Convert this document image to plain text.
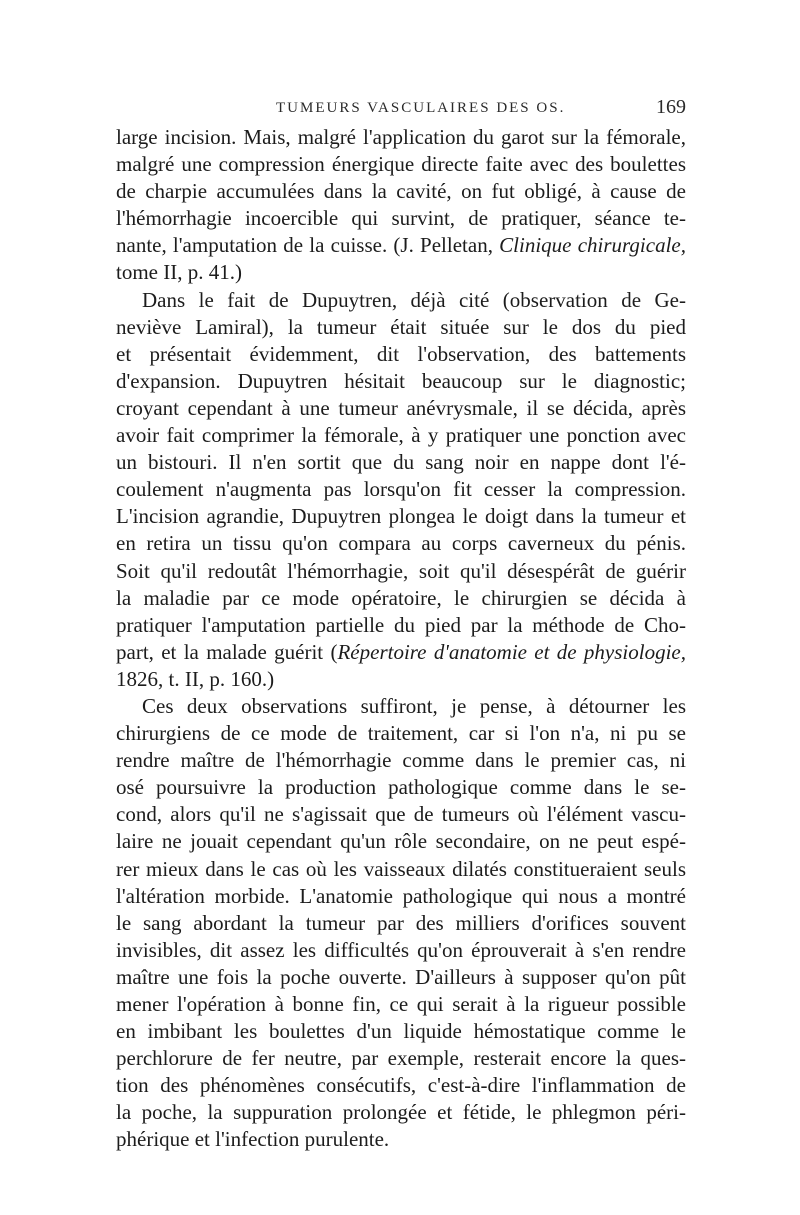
TUMEURS VASCULAIRES DES OS.	169
large incision. Mais, malgré l'application du garot sur la fémorale,
malgré une compression énergique directe faite avec des boulettes
de charpie accumulées dans la cavité, on fut obligé, à cause de
l'hémorrhagie incoercible qui survint, de pratiquer, séance te-
nante, l'amputation de la cuisse. (J. Pelletan, Clinique chirurgicale,
tome II, p. 41.)
Dans le fait de Dupuytren, déjà cité (observation de Ge-
neviève Lamiral), la tumeur était située sur le dos du pied
et présentait évidemment, dit l'observation, des battements
d'expansion. Dupuytren hésitait beaucoup sur le diagnostic;
croyant cependant à une tumeur anévrysmale, il se décida, après
avoir fait comprimer la fémorale, à y pratiquer une ponction avec
un bistouri. Il n'en sortit que du sang noir en nappe dont l'é-
coulement n'augmenta pas lorsqu'on fit cesser la compression.
L'incision agrandie, Dupuytren plongea le doigt dans la tumeur et
en retira un tissu qu'on compara au corps caverneux du pénis.
Soit qu'il redoutât l'hémorrhagie, soit qu'il désespérât de guérir
la maladie par ce mode opératoire, le chirurgien se décida à
pratiquer l'amputation partielle du pied par la méthode de Cho-
part, et la malade guérit (Répertoire d'anatomie et de physiologie,
1826, t. II, p. 160.)
Ces deux observations suffiront, je pense, à détourner les
chirurgiens de ce mode de traitement, car si l'on n'a, ni pu se
rendre maître de l'hémorrhagie comme dans le premier cas, ni
osé poursuivre la production pathologique comme dans le se-
cond, alors qu'il ne s'agissait que de tumeurs où l'élément vascu-
laire ne jouait cependant qu'un rôle secondaire, on ne peut espé-
rer mieux dans le cas où les vaisseaux dilatés constitueraient seuls
l'altération morbide. L'anatomie pathologique qui nous a montré
le sang abordant la tumeur par des milliers d'orifices souvent
invisibles, dit assez les difficultés qu'on éprouverait à s'en rendre
maître une fois la poche ouverte. D'ailleurs à supposer qu'on pût
mener l'opération à bonne fin, ce qui serait à la rigueur possible
en imbibant les boulettes d'un liquide hémostatique comme le
perchlorure de fer neutre, par exemple, resterait encore la ques-
tion des phénomènes consécutifs, c'est-à-dire l'inflammation de
la poche, la suppuration prolongée et fétide, le phlegmon péri-
phérique et l'infection purulente.
